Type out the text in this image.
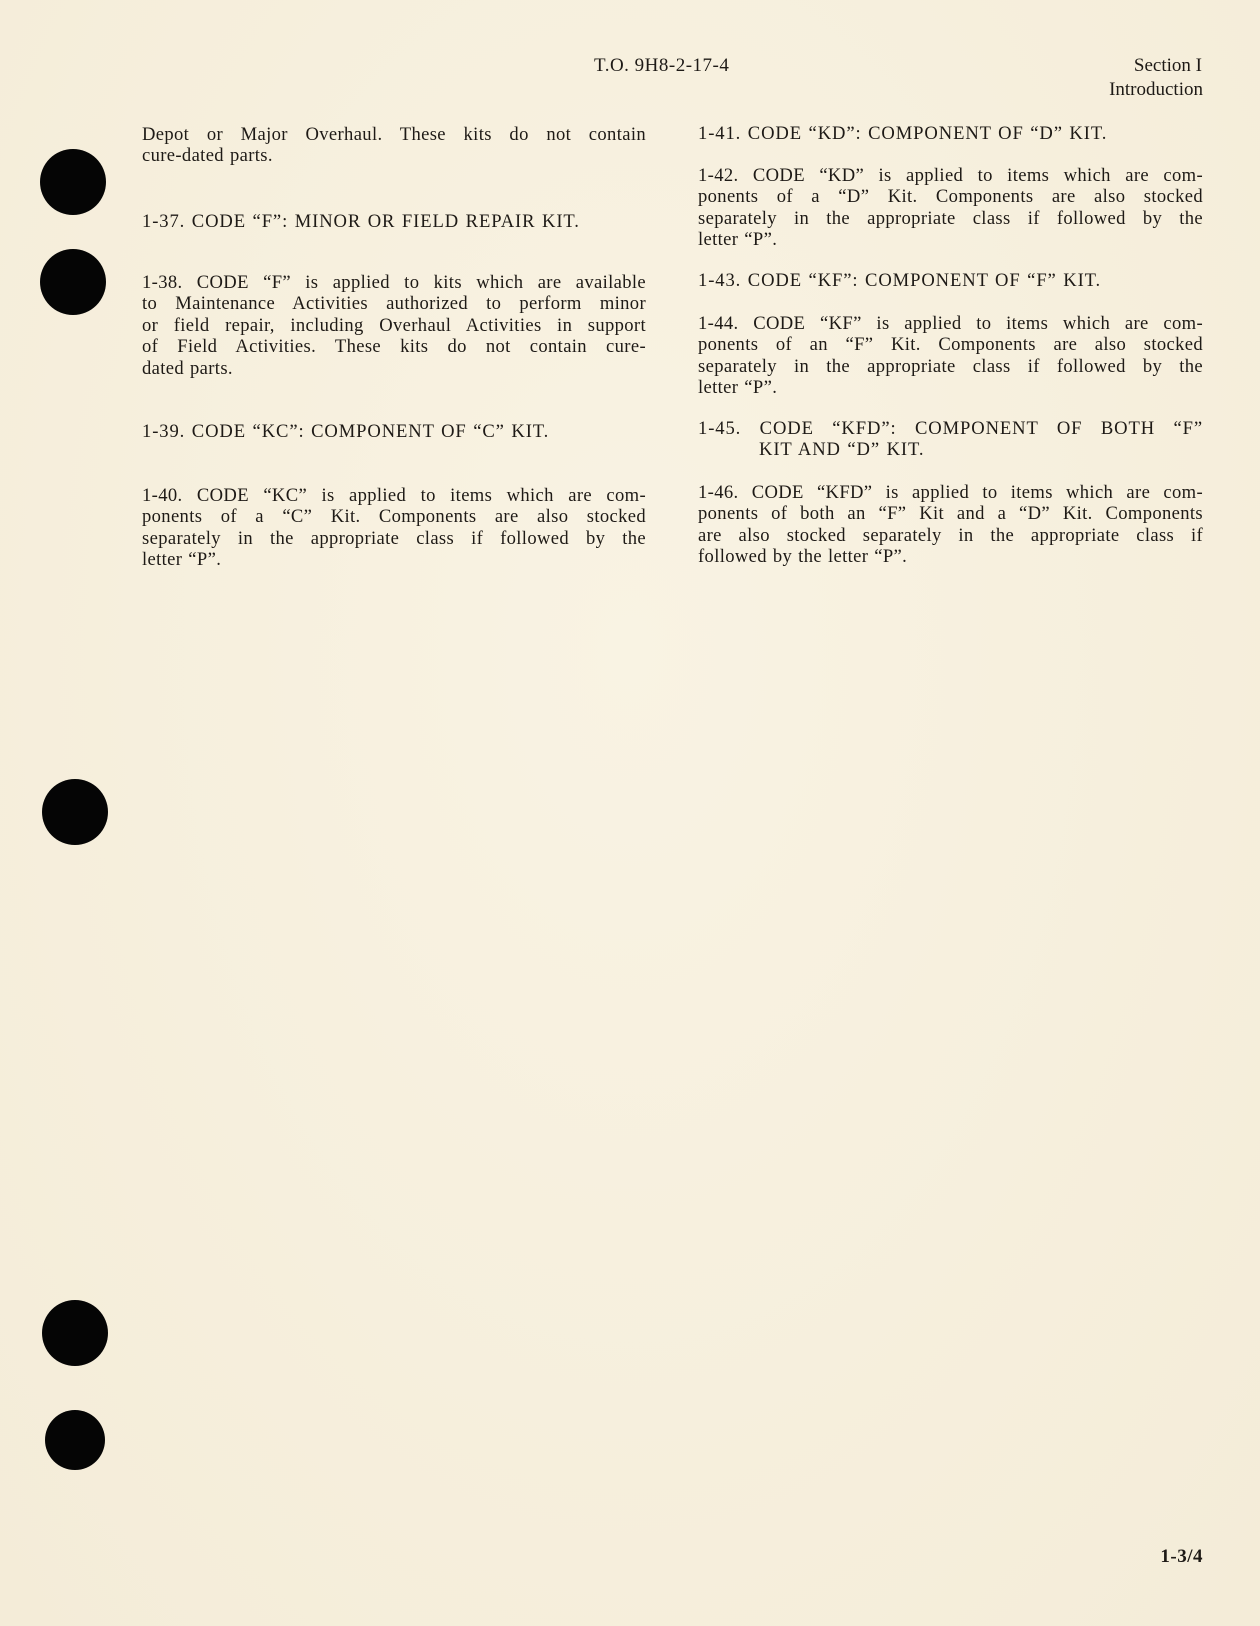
T.O. 9H8-2-17-4	Section I
Introduction
Depot or Major Overhaul. These kits do not contain
cure-dated parts.
1-37. CODE “F”: MINOR OR FIELD REPAIR KIT.
1-38. CODE “F” is applied to kits which are available
to Maintenance Activities authorized to perform minor
or field repair, including Overhaul Activities in support
of Field Activities. These kits do not contain cure-
dated parts.
1-39. CODE “KC”: COMPONENT OF “C” KIT.
1-40. CODE “KC” is applied to items which are com-
ponents of a “C” Kit. Components are also stocked
separately in the appropriate class if followed by the
letter “P”.
1-41. CODE “KD”: COMPONENT OF “D” KIT.
1-42. CODE “KD” is applied to items which are com-
ponents of a “D” Kit. Components are also stocked
separately in the appropriate class if followed by the
letter “P”.
1-43. CODE “KF”: COMPONENT OF “F” KIT.
1-44. CODE “KF” is applied to items which are com-
ponents of an “F” Kit. Components are also stocked
separately in the appropriate class if followed by the
letter “P”.
1-45. CODE “KFD”: COMPONENT OF BOTH “F”
KIT AND “D” KIT.
1-46. CODE “KFD” is applied to items which are com-
ponents of both an “F” Kit and a “D” Kit. Components
are also stocked separately in the appropriate class if
followed by the letter “P”.
1-3/4
